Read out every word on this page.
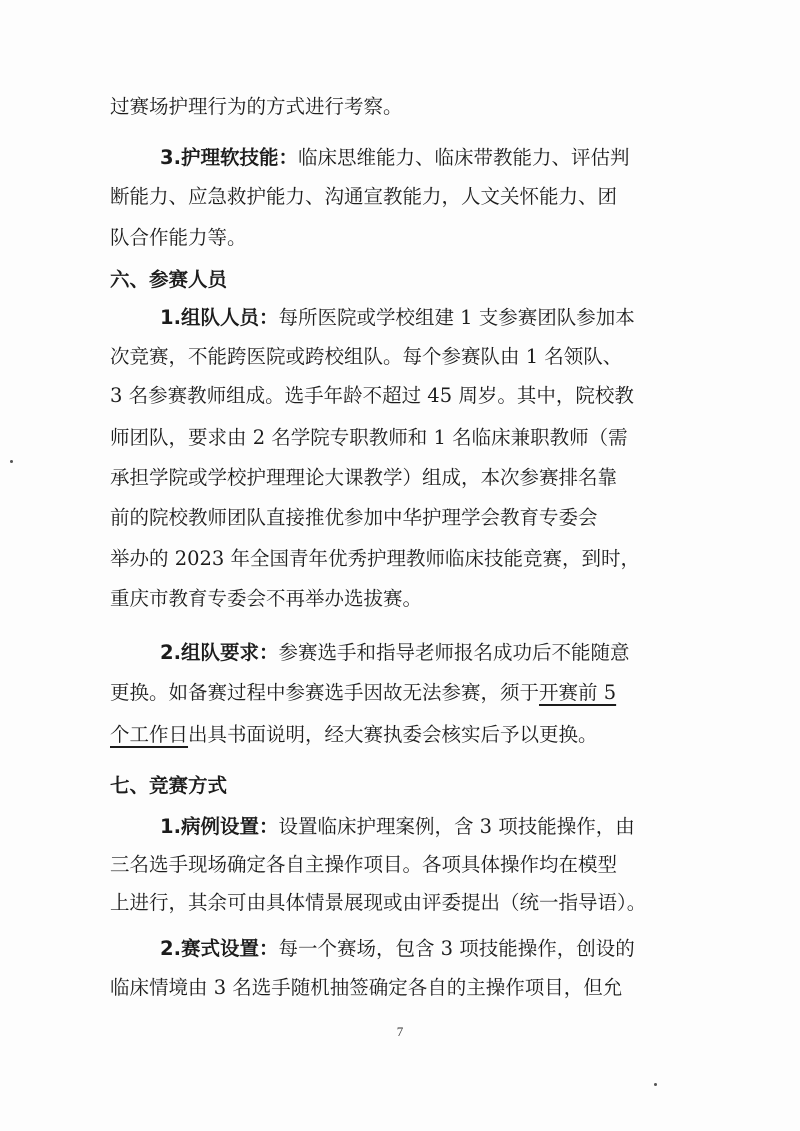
过赛场护理行为的方式进行考察。
3.护理软技能：临床思维能力、临床带教能力、评估判
断能力、应急救护能力、沟通宣教能力，人文关怀能力、团
队合作能力等。
六、参赛人员
1.组队人员：每所医院或学校组建 1 支参赛团队参加本
次竞赛，不能跨医院或跨校组队。每个参赛队由 1 名领队、
3 名参赛教师组成。选手年龄不超过 45 周岁。其中，院校教
师团队，要求由 2 名学院专职教师和 1 名临床兼职教师（需
承担学院或学校护理理论大课教学）组成，本次参赛排名靠
前的院校教师团队直接推优参加中华护理学会教育专委会
举办的 2023 年全国青年优秀护理教师临床技能竞赛，到时，
重庆市教育专委会不再举办选拔赛。
2.组队要求：参赛选手和指导老师报名成功后不能随意
更换。如备赛过程中参赛选手因故无法参赛，须于开赛前 5
个工作日出具书面说明，经大赛执委会核实后予以更换。
七、竞赛方式
1.病例设置：设置临床护理案例，含 3 项技能操作，由
三名选手现场确定各自主操作项目。各项具体操作均在模型
上进行，其余可由具体情景展现或由评委提出（统一指导语）。
2.赛式设置：每一个赛场，包含 3 项技能操作，创设的
临床情境由 3 名选手随机抽签确定各自的主操作项目，但允
7
